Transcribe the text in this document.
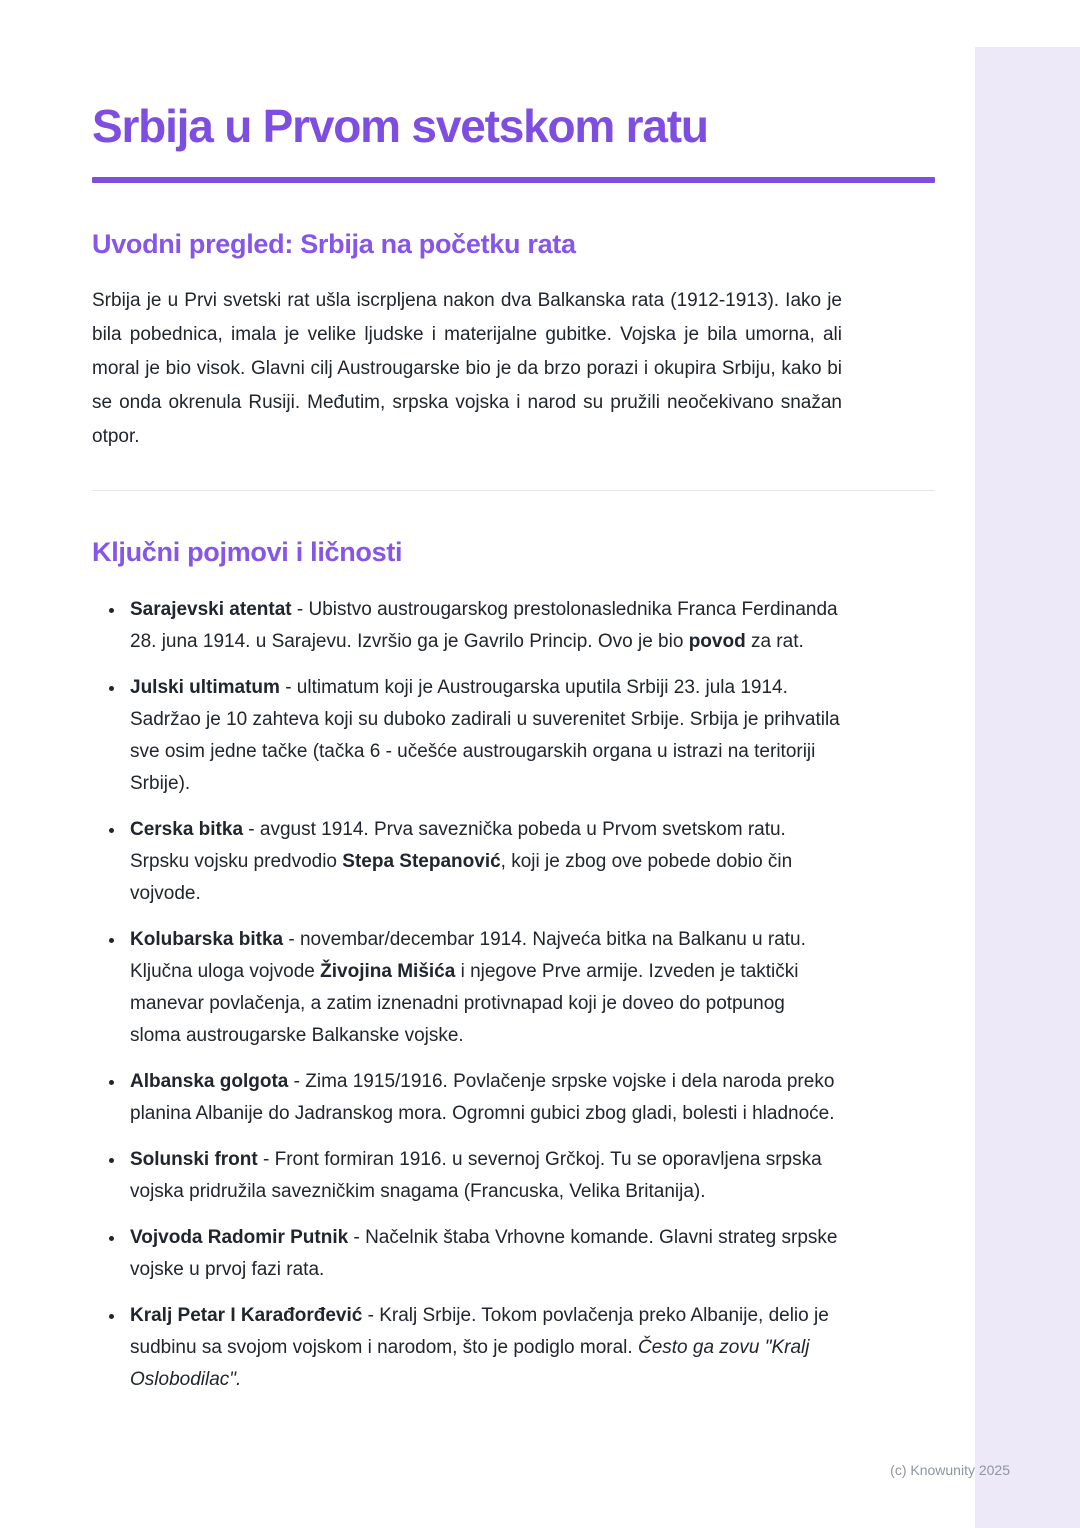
Srbija u Prvom svetskom ratu
Uvodni pregled: Srbija na početku rata

Srbija je u Prvi svetski rat ušla iscrpljena nakon dva Balkanska rata (1912-1913). Iako je bila pobednica, imala je velike ljudske i materijalne gubitke. Vojska je bila umorna, ali moral je bio visok. Glavni cilj Austrougarske bio je da brzo porazi i okupira Srbiju, kako bi se onda okrenula Rusiji. Međutim, srpska vojska i narod su pružili neočekivano snažan otpor.

Ključni pojmovi i ličnosti
• Sarajevski atentat - Ubistvo austrougarskog prestolonaslednika Franca Ferdinanda 28. juna 1914. u Sarajevu. Izvršio ga je Gavrilo Princip. Ovo je bio povod za rat.
• Julski ultimatum - ultimatum koji je Austrougarska uputila Srbiji 23. jula 1914. Sadržao je 10 zahteva koji su duboko zadirali u suverenitet Srbije. Srbija je prihvatila sve osim jedne tačke (tačka 6 - učešće austrougarskih organa u istrazi na teritoriji Srbije).
• Cerska bitka - avgust 1914. Prva saveznička pobeda u Prvom svetskom ratu. Srpsku vojsku predvodio Stepa Stepanović, koji je zbog ove pobede dobio čin vojvode.
• Kolubarska bitka - novembar/decembar 1914. Najveća bitka na Balkanu u ratu. Ključna uloga vojvode Živojina Mišića i njegove Prve armije. Izveden je taktički manevar povlačenja, a zatim iznenadni protivnapad koji je doveo do potpunog sloma austrougarske Balkanske vojske.
• Albanska golgota - Zima 1915/1916. Povlačenje srpske vojske i dela naroda preko planina Albanije do Jadranskog mora. Ogromni gubici zbog gladi, bolesti i hladnoće.
• Solunski front - Front formiran 1916. u severnoj Grčkoj. Tu se oporavljena srpska vojska pridružila savezničkim snagama (Francuska, Velika Britanija).
• Vojvoda Radomir Putnik - Načelnik štaba Vrhovne komande. Glavni strateg srpske vojske u prvoj fazi rata.
• Kralj Petar I Karađorđević - Kralj Srbije. Tokom povlačenja preko Albanije, delio je sudbinu sa svojom vojskom i narodom, što je podiglo moral. Često ga zovu "Kralj Oslobodilac".
(c) Knowunity 2025
